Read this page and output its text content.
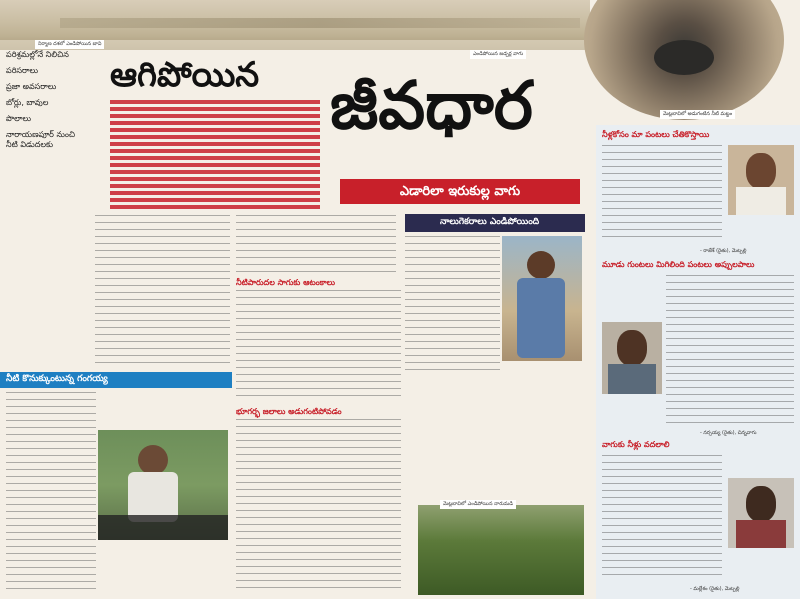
నిర్మాణ దశలో ఎండిపోయిన బావి
ఎండిపోయిన జడ్చర్ల వాగు
మెట్లబావిలో అడుగంటిన నీటి మట్టం
పరిశ్రమల్లోనే నిలిచిన
పరిసరాలు
ప్రజా అవసరాలు
బోర్లు, బావుల
పొలాలు
నారాయణపూర్ నుంచి నీటి విడుదలకు
ఆగిపోయిన జీవధార
ఎడారిలా ఇరుకుల్ల వాగు
నీటిపారుదల సాగుకు ఆటంకాలు
భూగర్భ జలాలు అడుగంటిపోవడం
నీటి కొనుక్కుంటున్న గంగయ్య
నాలుగెకరాలు ఎండిపోయింది
మెట్లబావిలో ఎండిపోయిన నారుమడి
నీళ్లకోసం మా పంటలు చేతికొస్తాయి
- రాజేశ్ (రైతు), మెట్పల్లి
మూడు గుంటలు మిగిలింది పంటలు అప్పులపాలు
- నర్సయ్య (రైతు), చిన్నవాగు
వాగుకు నీళ్లు వదలాలి
- మల్లేశం (రైతు), మెట్పల్లి
